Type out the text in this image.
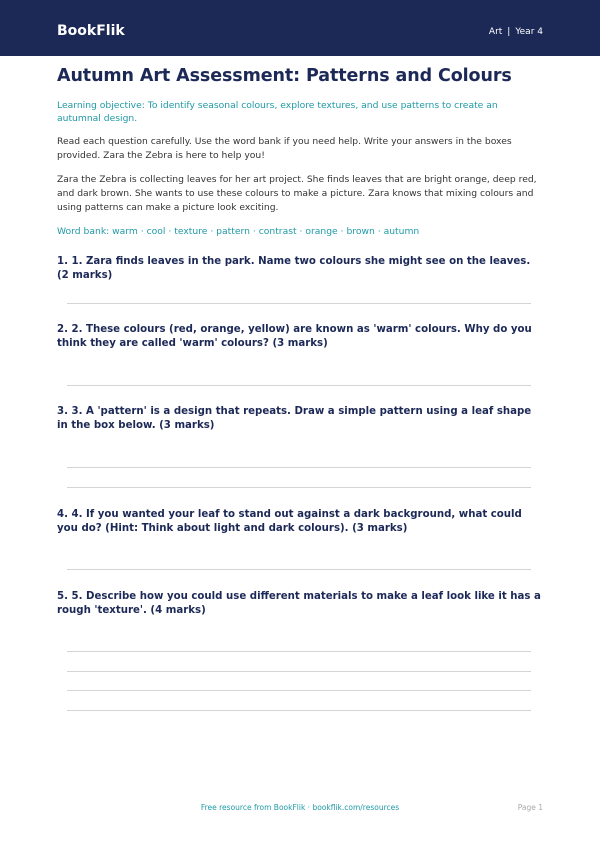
BookFlik	Art | Year 4
Autumn Art Assessment: Patterns and Colours
Learning objective: To identify seasonal colours, explore textures, and use patterns to create an autumnal design.
Read each question carefully. Use the word bank if you need help. Write your answers in the boxes provided. Zara the Zebra is here to help you!
Zara the Zebra is collecting leaves for her art project. She finds leaves that are bright orange, deep red, and dark brown. She wants to use these colours to make a picture. Zara knows that mixing colours and using patterns can make a picture look exciting.
Word bank: warm · cool · texture · pattern · contrast · orange · brown · autumn
1. 1. Zara finds leaves in the park. Name two colours she might see on the leaves. (2 marks)
2. 2. These colours (red, orange, yellow) are known as 'warm' colours. Why do you think they are called 'warm' colours? (3 marks)
3. 3. A 'pattern' is a design that repeats. Draw a simple pattern using a leaf shape in the box below. (3 marks)
4. 4. If you wanted your leaf to stand out against a dark background, what could you do? (Hint: Think about light and dark colours). (3 marks)
5. 5. Describe how you could use different materials to make a leaf look like it has a rough 'texture'. (4 marks)
Free resource from BookFlik · bookflik.com/resources	Page 1
